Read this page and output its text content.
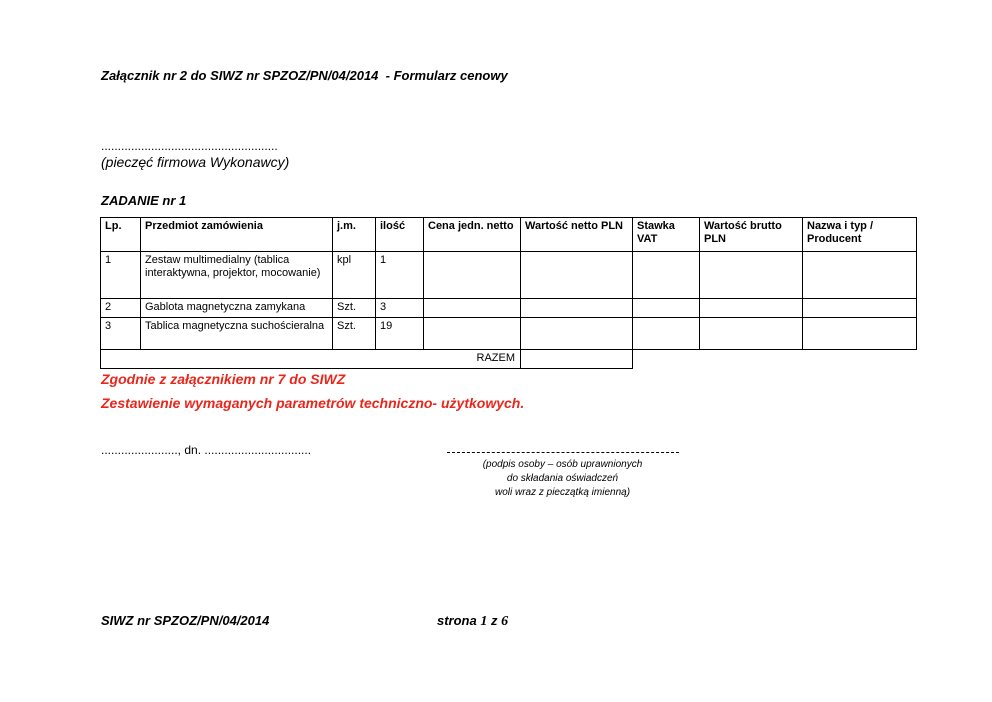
Załącznik nr 2 do SIWZ nr SPZOZ/PN/04/2014  - Formularz cenowy
.....................................................
(pieczęć firmowa Wykonawcy)
ZADANIE nr 1
Lp.	Przedmiot zamówienia	j.m.	ilość	Cena jedn. netto	Wartość netto PLN	Stawka VAT	Wartość brutto PLN	Nazwa i typ / Producent
1	Zestaw multimedialny (tablica interaktywna, projektor, mocowanie)	kpl	1					
2	Gablota magnetyczna zamykana	Szt.	3					
3	Tablica magnetyczna suchościeralna	Szt.	19					
RAZEM								
Zgodnie z załącznikiem nr 7 do SIWZ
Zestawienie wymaganych parametrów techniczno- użytkowych.
......................., dn. ................................
(podpis osoby – osób uprawnionych
do składania oświadczeń
woli wraz z pieczątką imienną)
SIWZ nr SPZOZ/PN/04/2014	strona 1 z 6
